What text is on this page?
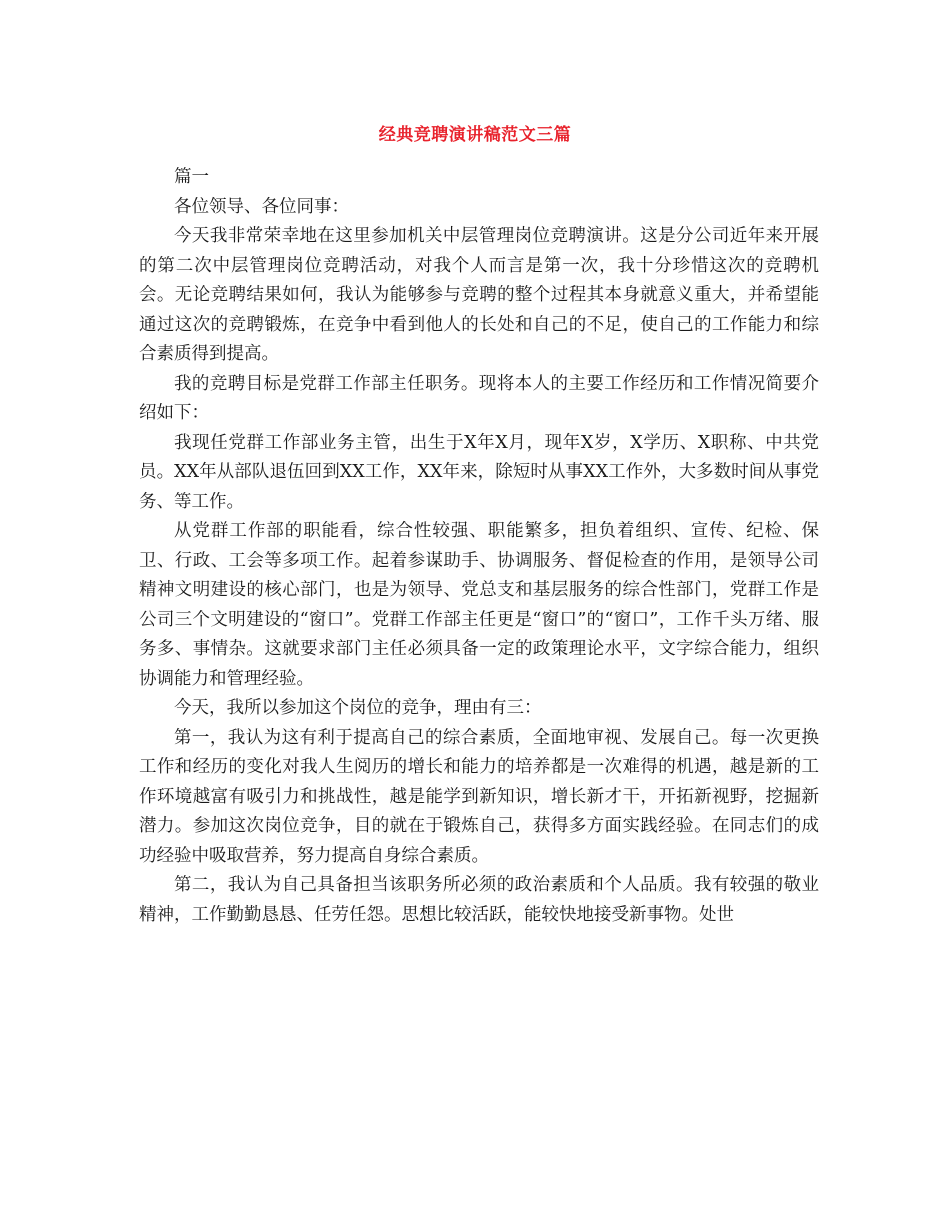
经典竞聘演讲稿范文三篇

篇一

各位领导、各位同事：

今天我非常荣幸地在这里参加机关中层管理岗位竞聘演讲。这是分公司近年来开展的第二次中层管理岗位竞聘活动，对我个人而言是第一次，我十分珍惜这次的竞聘机会。无论竞聘结果如何，我认为能够参与竞聘的整个过程其本身就意义重大，并希望能通过这次的竞聘锻炼，在竞争中看到他人的长处和自己的不足，使自己的工作能力和综合素质得到提高。

我的竞聘目标是党群工作部主任职务。现将本人的主要工作经历和工作情况简要介绍如下：

我现任党群工作部业务主管，出生于X年X月，现年X岁，X学历、X职称、中共党员。XX年从部队退伍回到XX工作，XX年来，除短时从事XX工作外，大多数时间从事党务、等工作。

从党群工作部的职能看，综合性较强、职能繁多，担负着组织、宣传、纪检、保卫、行政、工会等多项工作。起着参谋助手、协调服务、督促检查的作用，是领导公司精神文明建设的核心部门，也是为领导、党总支和基层服务的综合性部门，党群工作是公司三个文明建设的“窗口”。党群工作部主任更是“窗口”的“窗口”，工作千头万绪、服务多、事情杂。这就要求部门主任必须具备一定的政策理论水平，文字综合能力，组织协调能力和管理经验。

今天，我所以参加这个岗位的竞争，理由有三：

第一，我认为这有利于提高自己的综合素质，全面地审视、发展自己。每一次更换工作和经历的变化对我人生阅历的增长和能力的培养都是一次难得的机遇，越是新的工作环境越富有吸引力和挑战性，越是能学到新知识，增长新才干，开拓新视野，挖掘新潜力。参加这次岗位竞争，目的就在于锻炼自己，获得多方面实践经验。在同志们的成功经验中吸取营养，努力提高自身综合素质。

第二，我认为自己具备担当该职务所必须的政治素质和个人品质。我有较强的敬业精神，工作勤勤恳恳、任劳任怨。思想比较活跃，能较快地接受新事物。处世
